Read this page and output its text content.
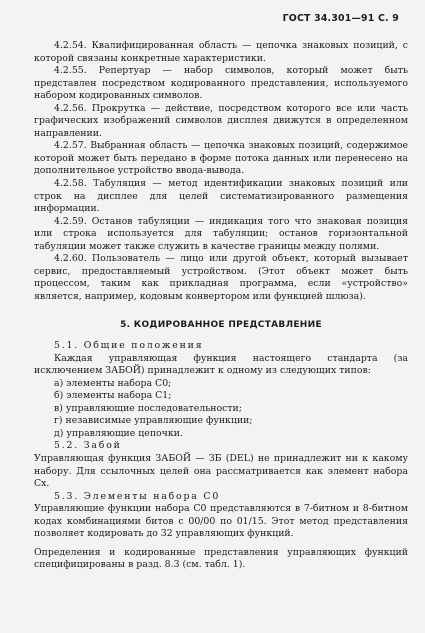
ГОСТ 34.301—91 С. 9

4.2.54. Квалифицированная область — цепочка знаковых позиций, с которой связаны конкретные характеристики.

4.2.55. Репертуар — набор символов, который может быть представлен посредством кодированного представления, используемого набором кодированных символов.

4.2.56. Прокрутка — действие, посредством которого все или часть графических изображений символов дисплея движутся в определенном направлении.

4.2.57. Выбранная область — цепочка знаковых позиций, содержимое которой может быть передано в форме потока данных или перенесено на дополнительное устройство ввода-вывода.

4.2.58. Табуляция — метод идентификации знаковых позиций или строк на дисплее для целей систематизированного размещения информации.

4.2.59. Останов табуляции — индикация того что знаковая позиция или строка используется для табуляции; останов горизонтальной табуляции может также служить в качестве границы между полями.

4.2.60. Пользователь — лицо или другой объект, который вызывает сервис, предоставляемый устройством. (Этот объект может быть процессом, таким как прикладная программа, если «устройство» является, например, кодовым конвертором или функцией шлюза).

5. КОДИРОВАННОЕ ПРЕДСТАВЛЕНИЕ

5.1. Общие положения

Каждая управляющая функция настоящего стандарта (за исключением ЗАБОЙ) принадлежит к одному из следующих типов:

а) элементы набора С0;
б) элементы набора С1;
в) управляющие последовательности;
г) независимые управляющие функции;
д) управляющие цепочки.

5.2. Забой

Управляющая функция ЗАБОЙ — ЗБ (DEL) не принадлежит ни к какому набору. Для ссылочных целей она рассматривается как элемент набора Сх.

5.3. Элементы набора С0

Управляющие функции набора С0 представляются в 7-битном и 8-битном кодах комбинациями битов с 00/00 по 01/15. Этот метод представления позволяет кодировать до 32 управляющих функций.

Определения и кодированные представления управляющих функций специфицированы в разд. 8.3 (см. табл. 1).
